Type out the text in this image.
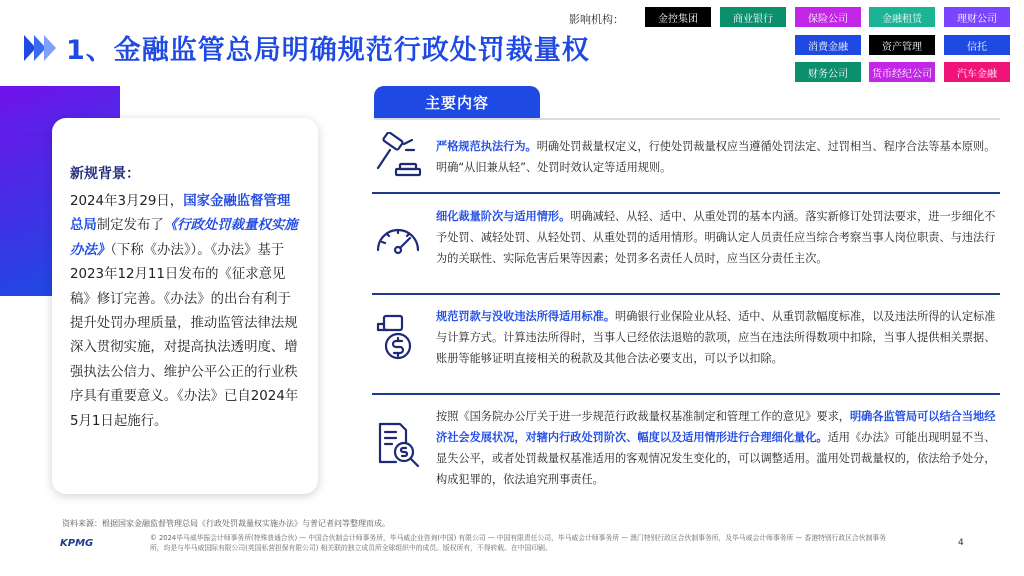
1、金融监管总局明确规范行政处罚裁量权
影响机构：	金控集团	商业银行	保险公司	金融租赁	理财公司
消费金融	资产管理	信托
财务公司	货币经纪公司	汽车金融
新规背景：
2024年3月29日，国家金融监督管理总局制定发布了《行政处罚裁量权实施办法》（下称《办法》）。《办法》基于2023年12月11日发布的《征求意见稿》修订完善。《办法》的出台有利于提升处罚办理质量，推动监管法律法规深入贯彻实施，对提高执法透明度、增强执法公信力、维护公平公正的行业秩序具有重要意义。《办法》已自2024年5月1日起施行。
主要内容
严格规范执法行为。明确处罚裁量权定义，行使处罚裁量权应当遵循处罚法定、过罚相当、程序合法等基本原则。明确“从旧兼从轻”、处罚时效认定等适用规则。
细化裁量阶次与适用情形。明确减轻、从轻、适中、从重处罚的基本内涵。落实新修订处罚法要求，进一步细化不予处罚、减轻处罚、从轻处罚、从重处罚的适用情形。明确认定人员责任应当综合考察当事人岗位职责、与违法行为的关联性、实际危害后果等因素；处罚多名责任人员时，应当区分责任主次。
规范罚款与没收违法所得适用标准。明确银行业保险业从轻、适中、从重罚款幅度标准，以及违法所得的认定标准与计算方式。计算违法所得时，当事人已经依法退赔的款项，应当在违法所得数项中扣除，当事人提供相关票据、账册等能够证明直接相关的税款及其他合法必要支出，可以予以扣除。
按照《国务院办公厅关于进一步规范行政裁量权基准制定和管理工作的意见》要求，明确各监管局可以结合当地经济社会发展状况，对辖内行政处罚阶次、幅度以及适用情形进行合理细化量化。适用《办法》可能出现明显不当、显失公平，或者处罚裁量权基准适用的客观情况发生变化的，可以调整适用。滥用处罚裁量权的，依法给予处分，构成犯罪的，依法追究刑事责任。
资料来源：根据国家金融监督管理总局《行政处罚裁量权实施办法》与普记者问等整理而成。
KPMG	© 2024毕马威华振会计师事务所(特殊普通合伙) — 中国合伙制会计师事务所，毕马威企业咨询(中国) 有限公司 — 中国有限责任公司，毕马威会计师事务所 — 澳门特别行政区合伙制事务所，及毕马威会计师事务所 — 香港特别行政区合伙制事务所，均是与毕马威国际有限公司(英国私营担保有限公司) 相关联的独立成员所全球组织中的成员。版权所有，不得转载。在中国印刷。	4
